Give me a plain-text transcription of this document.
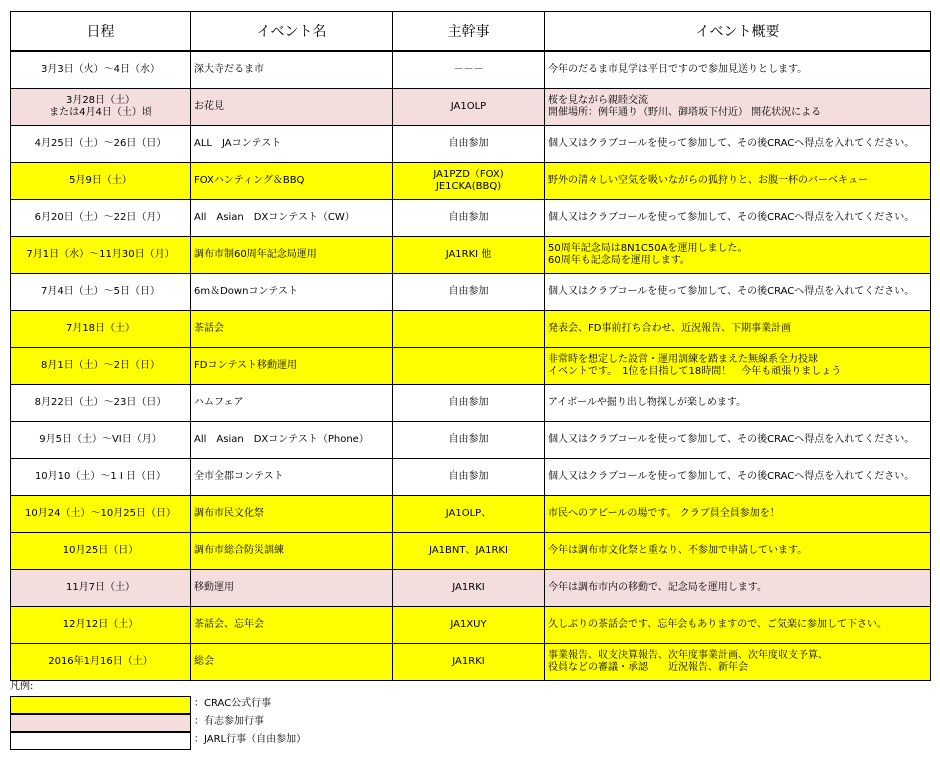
日程	イベント名	主幹事	イベント概要
3月3日（火）～4日（水）	深大寺だるま市	－－－	今年のだるま市見学は平日ですので参加見送りとします。
3月28日（土）
または4月4日（土）頃	お花見	JA1OLP	桜を見ながら親睦交流
開催場所：例年通り（野川、御塔坂下付近） 開花状況による
4月25日（土）～26日（日）	ALL　JAコンテスト	自由参加	個人又はクラブコールを使って参加して、その後CRACへ得点を入れてください。
5月9日（土）	FOXハンティング＆BBQ	JA1PZD（FOX)
JE1CKA(BBQ)	野外の清々しい空気を吸いながらの狐狩りと、お腹一杯のバーベキュー
6月20日（土）～22日（月）	All　Asian　DXコンテスト（CW）	自由参加	個人又はクラブコールを使って参加して、その後CRACへ得点を入れてください。
7月1日（水）～11月30日（月）	調布市制60周年記念局運用	JA1RKI 他	50周年記念局は8N1C50Aを運用しました。
60周年も記念局を運用します。
7月4日（土）～5日（日）	6m＆Downコンテスト	自由参加	個人又はクラブコールを使って参加して、その後CRACへ得点を入れてください。
7月18日（土）	茶話会		発表会、FD事前打ち合わせ、近況報告、下期事業計画
8月1日（土）～2日（日）	FDコンテスト移動運用		非常時を想定した設営・運用訓練を踏まえた無線系全力投球
イベントです。　1位を目指して18時間！　今年も頑張りましょう
8月22日（土）～23日（日）	ハムフェア	自由参加	アイボールや掘り出し物探しが楽しめます。
9月5日（土）～VI日（月）	All　Asian　DXコンテスト（Phone）	自由参加	個人又はクラブコールを使って参加して、その後CRACへ得点を入れてください。
10月10（土）～1 I 日（日）	全市全郡コンテスト	自由参加	個人又はクラブコールを使って参加して、その後CRACへ得点を入れてください。
10月24（土）～10月25日（日）	調布市民文化祭	JA1OLP、	市民へのアピールの場です。 クラブ員全員参加を！
10月25日（日）	調布市総合防災訓練	JA1BNT、JA1RKI	今年は調布市文化祭と重なり、不参加で申請しています。
11月7日（土）	移動運用	JA1RKI	今年は調布市内の移動で、記念局を運用します。
12月12日（土）	茶話会、忘年会	JA1XUY	久しぶりの茶話会です、忘年会もありますので、ご気楽に参加して下さい。
2016年1月16日（土）	総会	JA1RKI	事業報告、収支決算報告、次年度事業計画、次年度収支予算、
役員などの審議・承認　　近況報告、新年会
凡例:
：CRAC公式行事
：有志参加行事
：JARL行事（自由参加）
